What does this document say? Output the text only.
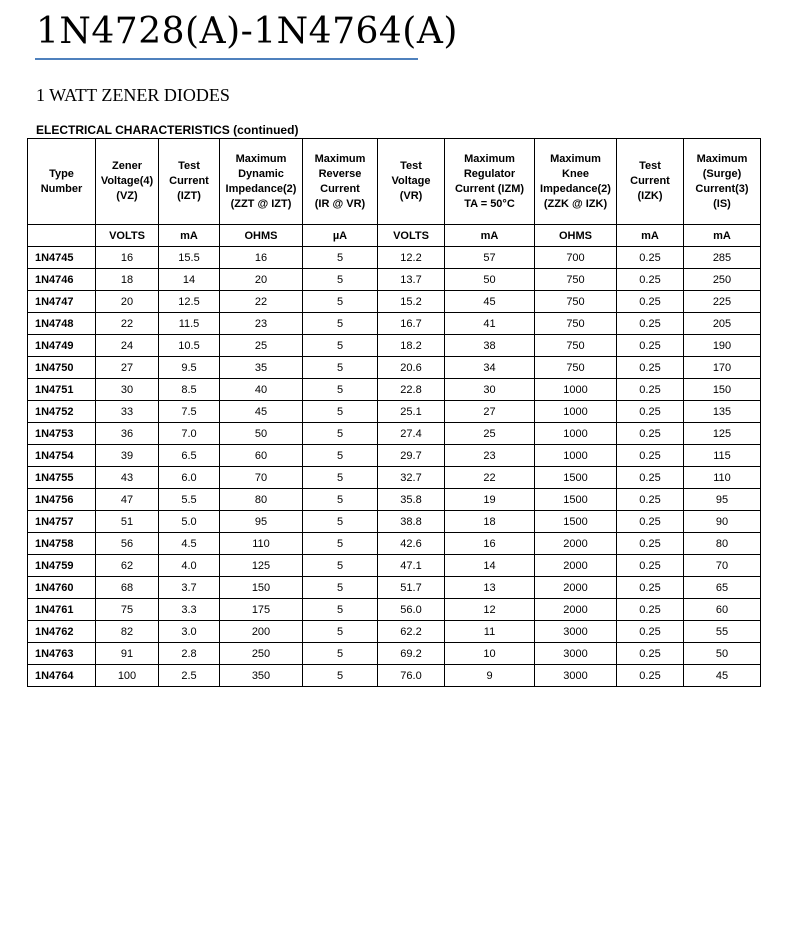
1N4728(A)-1N4764(A)
1 WATT ZENER DIODES
ELECTRICAL CHARACTERISTICS (continued)
Type
Number	Zener
Voltage(4)
(VZ)	Test
Current
(IZT)	Maximum
Dynamic
Impedance(2)
(ZZT @ IZT)	Maximum
Reverse
Current
(IR @ VR)	Test
Voltage
(VR)	Maximum
Regulator
Current (IZM)
TA = 50°C	Maximum
Knee
Impedance(2)
(ZZK @ IZK)	Test
Current
(IZK)	Maximum
(Surge)
Current(3)
(IS)
	VOLTS	mA	OHMS	µA	VOLTS	mA	OHMS	mA	mA
1N4745	16	15.5	16	5	12.2	57	700	0.25	285
1N4746	18	14	20	5	13.7	50	750	0.25	250
1N4747	20	12.5	22	5	15.2	45	750	0.25	225
1N4748	22	11.5	23	5	16.7	41	750	0.25	205
1N4749	24	10.5	25	5	18.2	38	750	0.25	190
1N4750	27	9.5	35	5	20.6	34	750	0.25	170
1N4751	30	8.5	40	5	22.8	30	1000	0.25	150
1N4752	33	7.5	45	5	25.1	27	1000	0.25	135
1N4753	36	7.0	50	5	27.4	25	1000	0.25	125
1N4754	39	6.5	60	5	29.7	23	1000	0.25	115
1N4755	43	6.0	70	5	32.7	22	1500	0.25	110
1N4756	47	5.5	80	5	35.8	19	1500	0.25	95
1N4757	51	5.0	95	5	38.8	18	1500	0.25	90
1N4758	56	4.5	110	5	42.6	16	2000	0.25	80
1N4759	62	4.0	125	5	47.1	14	2000	0.25	70
1N4760	68	3.7	150	5	51.7	13	2000	0.25	65
1N4761	75	3.3	175	5	56.0	12	2000	0.25	60
1N4762	82	3.0	200	5	62.2	11	3000	0.25	55
1N4763	91	2.8	250	5	69.2	10	3000	0.25	50
1N4764	100	2.5	350	5	76.0	9	3000	0.25	45
